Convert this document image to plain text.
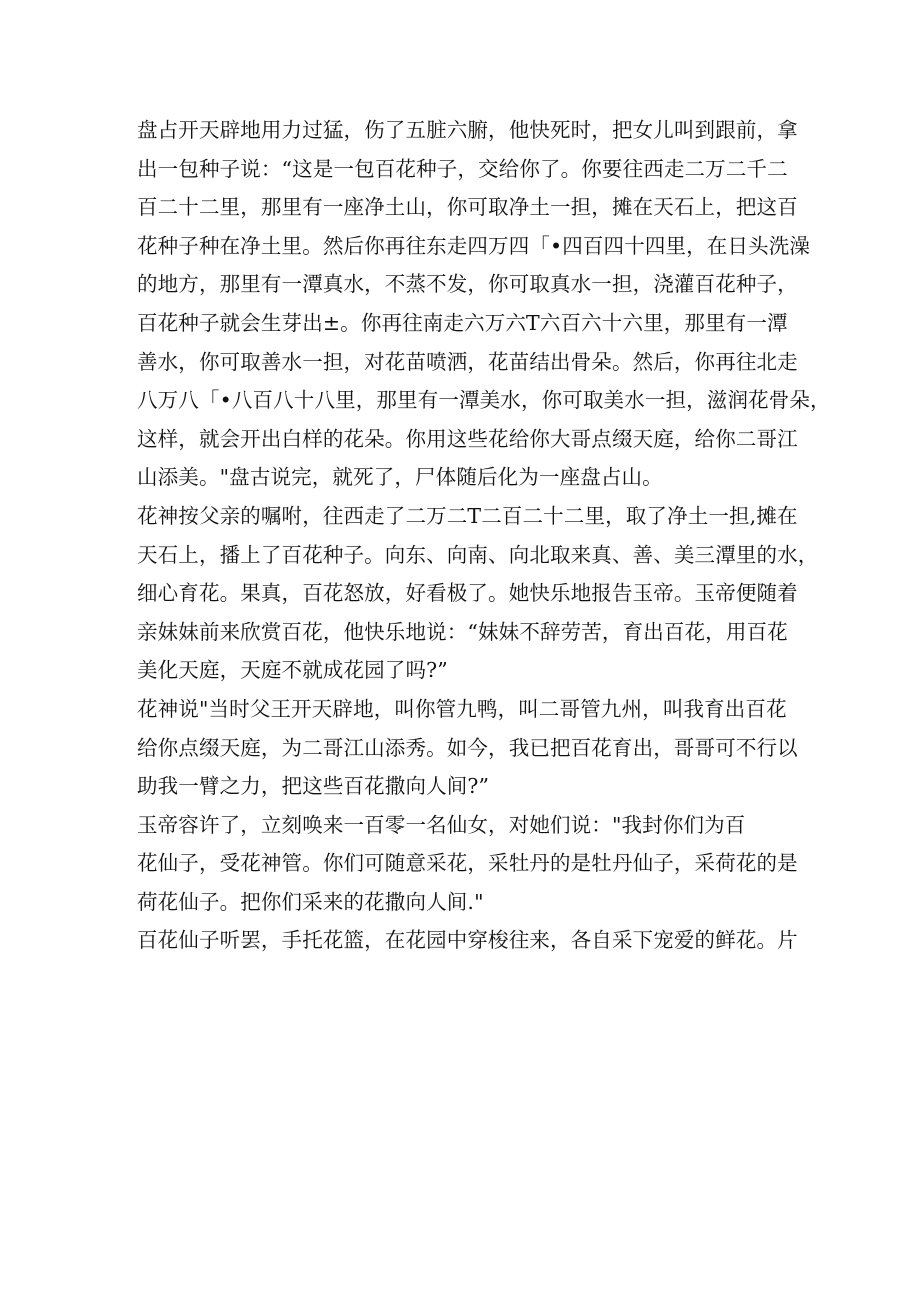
盘占开天辟地用力过猛，伤了五脏六腑，他快死时，把女儿叫到跟前，拿
出一包种子说：“这是一包百花种子，交给你了。你要往西走二万二千二
百二十二里，那里有一座净土山，你可取净土一担，摊在天石上，把这百
花种子种在净土里。然后你再往东走四万四「•四百四十四里，在日头洗澡
的地方，那里有一潭真水，不蒸不发，你可取真水一担，浇灌百花种子，
百花种子就会生芽出±。你再往南走六万六T六百六十六里，那里有一潭
善水，你可取善水一担，对花苗喷洒，花苗结出骨朵。然后，你再往北走
八万八「•八百八十八里，那里有一潭美水，你可取美水一担，滋润花骨朵，
这样，就会开出白样的花朵。你用这些花给你大哥点缀天庭，给你二哥江
山添美。"盘古说完，就死了，尸体随后化为一座盘占山。
花神按父亲的嘱咐，往西走了二万二T二百二十二里，取了净土一担,摊在
天石上，播上了百花种子。向东、向南、向北取来真、善、美三潭里的水，
细心育花。果真，百花怒放，好看极了。她快乐地报告玉帝。玉帝便随着
亲妹妹前来欣赏百花，他快乐地说：“妹妹不辞劳苦，育出百花，用百花
美化天庭，天庭不就成花园了吗?”
花神说"当时父王开天辟地，叫你管九鸭，叫二哥管九州，叫我育出百花
给你点缀天庭，为二哥江山添秀。如今，我已把百花育出，哥哥可不行以
助我一臂之力，把这些百花撒向人间?”
玉帝容许了，立刻唤来一百零一名仙女，对她们说："我封你们为百
花仙子，受花神管。你们可随意采花，采牡丹的是牡丹仙子，采荷花的是
荷花仙子。把你们采来的花撒向人间."
百花仙子听罢，手托花篮，在花园中穿梭往来，各自采下宠爱的鲜花。片
